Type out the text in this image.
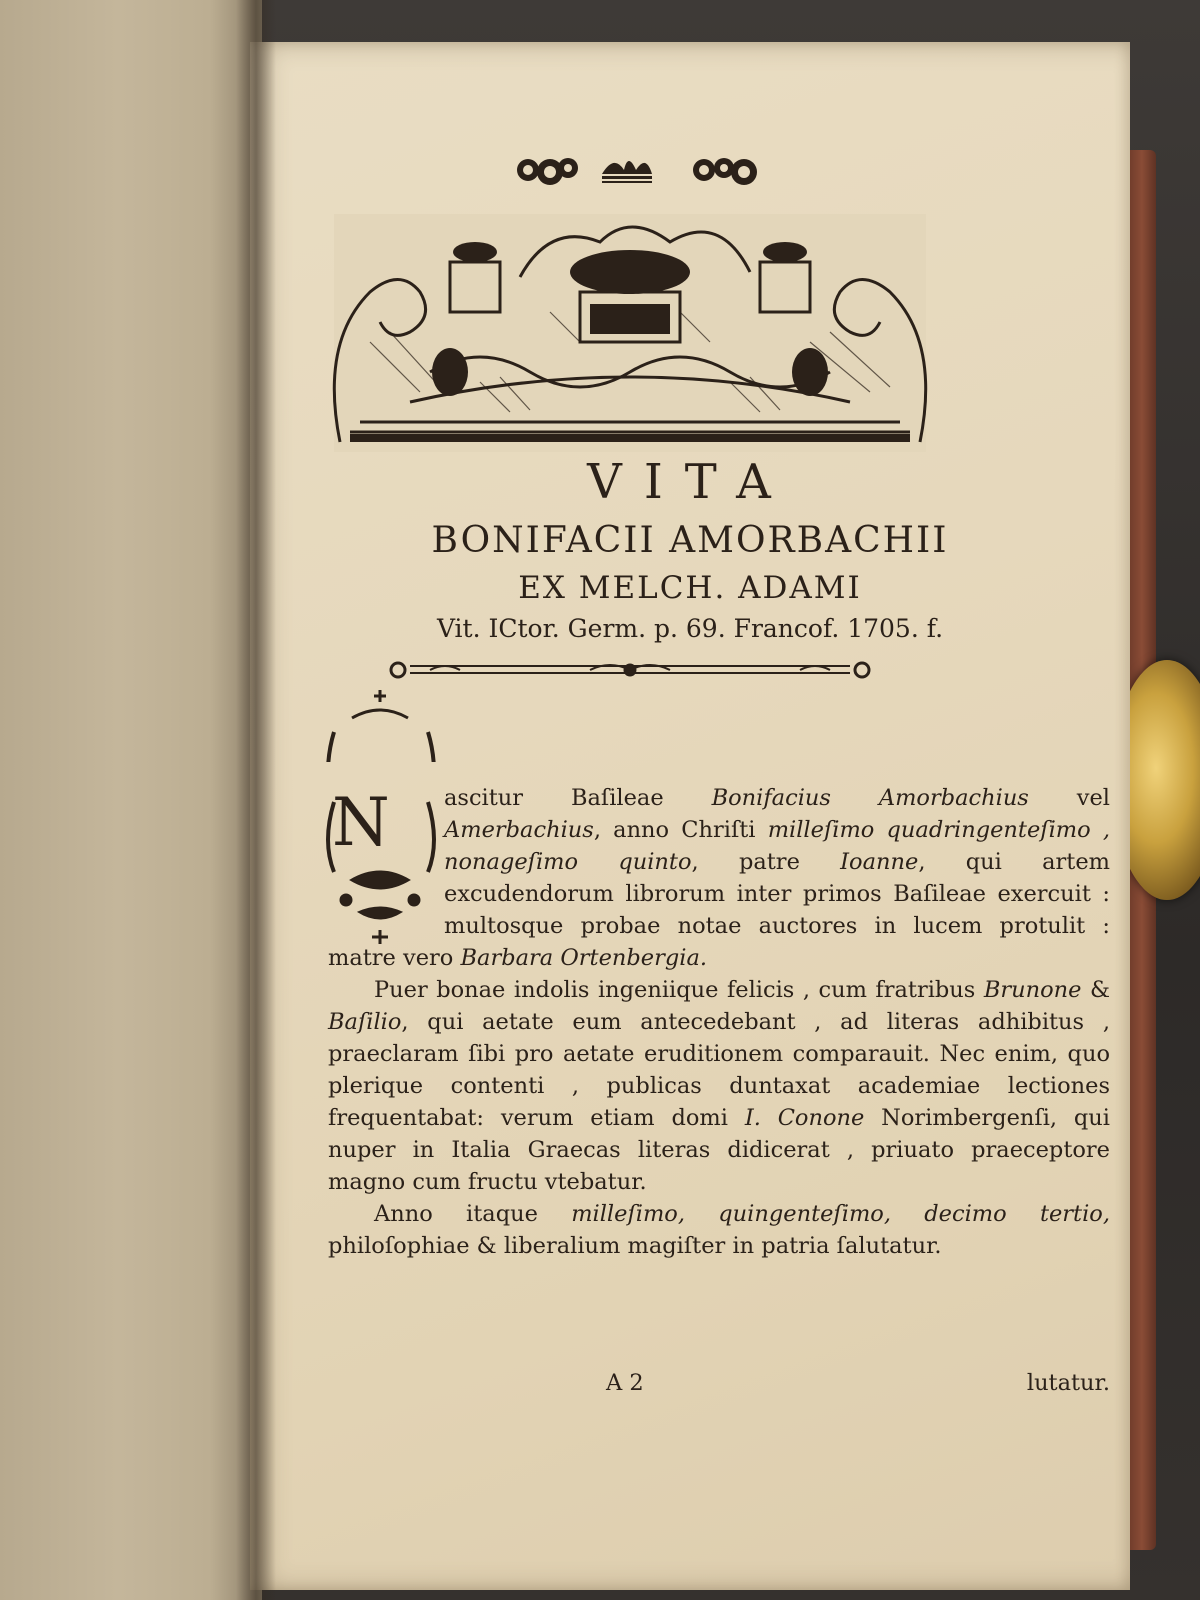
VITA
BONIFACII AMORBACHII
EX MELCH. ADAMI
Vit. ICtor. Germ. p. 69. Francof. 1705. f.
N	ascitur Baſileae Bonifacius Amorbachius vel Amerbachius, anno Chriſti milleſimo quadringenteſimo , nonageſimo quinto, patre Ioanne, qui artem excudendorum librorum inter primos Baſileae exercuit : multosque probae notae auctores in lucem protulit : matre vero Barbara Ortenbergia.

Puer bonae indolis ingeniique felicis , cum fratribus Brunone & Baſilio, qui aetate eum antecedebant , ad literas adhibitus , praeclaram ſibi pro aetate eruditionem comparauit. Nec enim, quo plerique contenti , publicas duntaxat academiae lectiones frequentabat: verum etiam domi I. Conone Norimbergenſi, qui nuper in Italia Graecas literas didicerat , priuato praeceptore magno cum fructu vtebatur.

Anno itaque milleſimo, quingenteſimo, decimo tertio, philoſophiae & liberalium magiſter in patria ſalutatur.

A 2	lutatur.
